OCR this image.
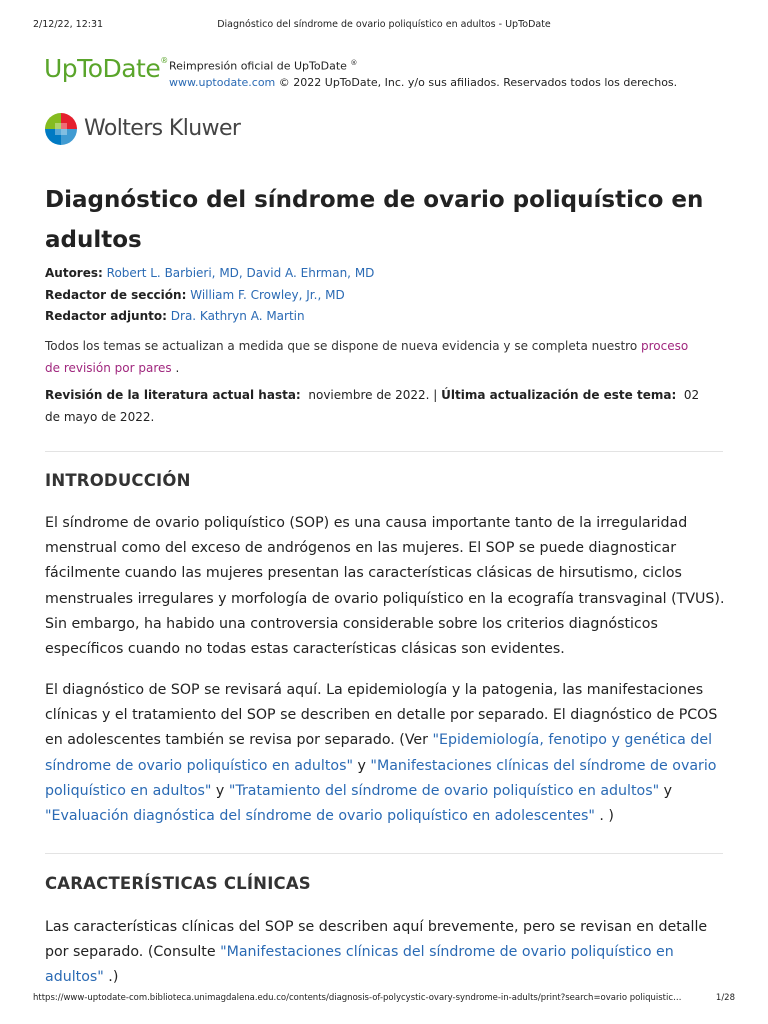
2/12/22, 12:31	Diagnóstico del síndrome de ovario poliquístico en adultos - UpToDate
UpToDate® Reimpresión oficial de UpToDate ®
www.uptodate.com © 2022 UpToDate, Inc. y/o sus afiliados. Reservados todos los derechos.
Wolters Kluwer
Diagnóstico del síndrome de ovario poliquístico en adultos
Autores: Robert L. Barbieri, MD, David A. Ehrman, MD
Redactor de sección: William F. Crowley, Jr., MD
Redactor adjunto: Dra. Kathryn A. Martin
Todos los temas se actualizan a medida que se dispone de nueva evidencia y se completa nuestro proceso de revisión por pares .
Revisión de la literatura actual hasta: noviembre de 2022. | Última actualización de este tema: 02 de mayo de 2022.
INTRODUCCIÓN

El síndrome de ovario poliquístico (SOP) es una causa importante tanto de la irregularidad menstrual como del exceso de andrógenos en las mujeres. El SOP se puede diagnosticar fácilmente cuando las mujeres presentan las características clásicas de hirsutismo, ciclos menstruales irregulares y morfología de ovario poliquístico en la ecografía transvaginal (TVUS). Sin embargo, ha habido una controversia considerable sobre los criterios diagnósticos específicos cuando no todas estas características clásicas son evidentes.

El diagnóstico de SOP se revisará aquí. La epidemiología y la patogenia, las manifestaciones clínicas y el tratamiento del SOP se describen en detalle por separado. El diagnóstico de PCOS en adolescentes también se revisa por separado. (Ver "Epidemiología, fenotipo y genética del síndrome de ovario poliquístico en adultos" y "Manifestaciones clínicas del síndrome de ovario poliquístico en adultos" y "Tratamiento del síndrome de ovario poliquístico en adultos" y "Evaluación diagnóstica del síndrome de ovario poliquístico en adolescentes" . )

CARACTERÍSTICAS CLÍNICAS

Las características clínicas del SOP se describen aquí brevemente, pero se revisan en detalle por separado. (Consulte "Manifestaciones clínicas del síndrome de ovario poliquístico en adultos" .)

https://www-uptodate-com.biblioteca.unimagdalena.edu.co/contents/diagnosis-of-polycystic-ovary-syndrome-in-adults/print?search=ovario poliquistic…	1/28
